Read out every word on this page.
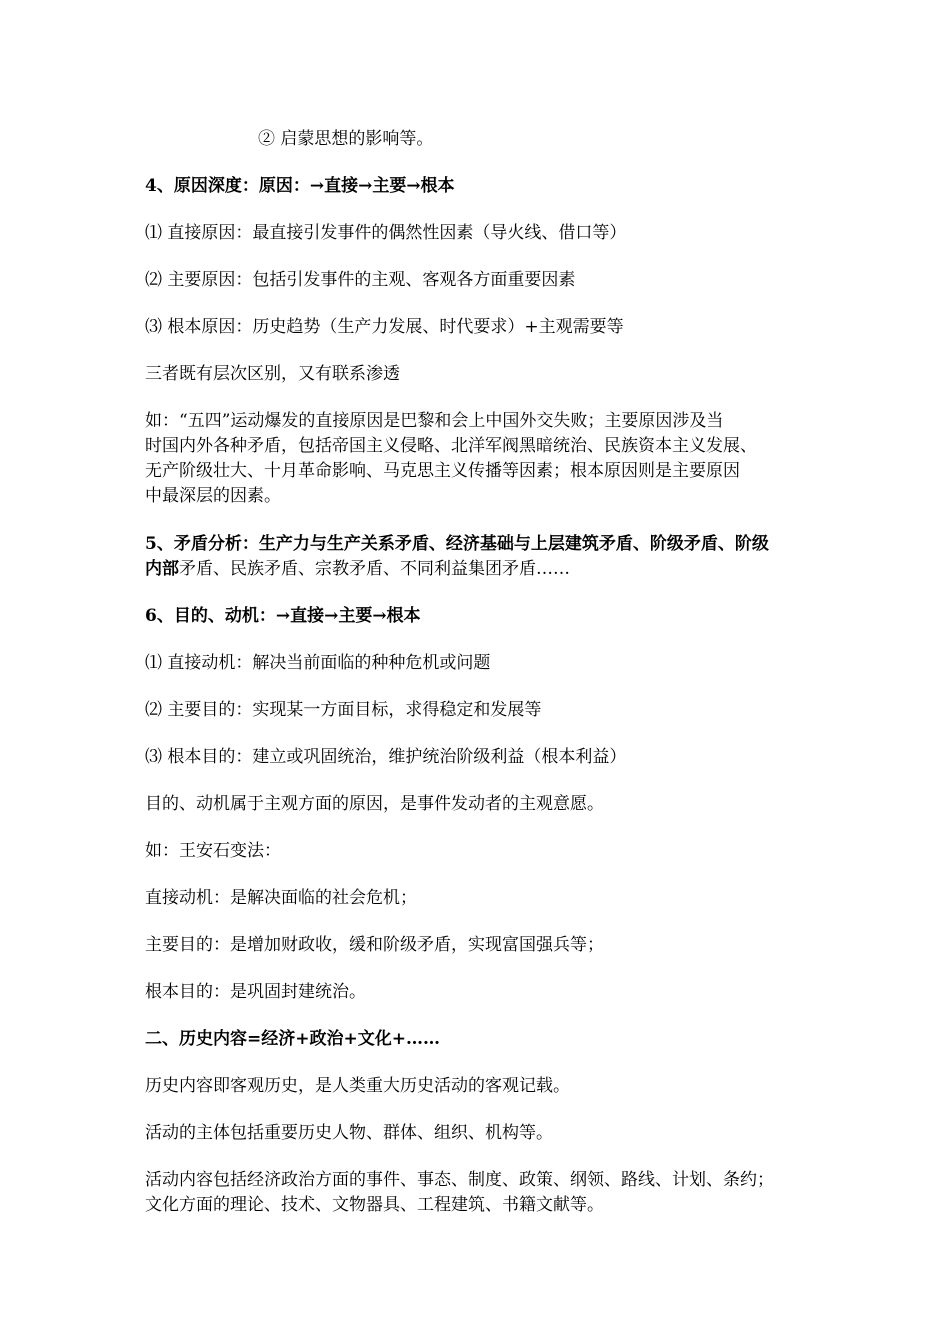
② 启蒙思想的影响等。
4、原因深度：原因：→直接→主要→根本
⑴ 直接原因：最直接引发事件的偶然性因素（导火线、借口等）
⑵ 主要原因：包括引发事件的主观、客观各方面重要因素
⑶ 根本原因：历史趋势（生产力发展、时代要求）+主观需要等
三者既有层次区别，又有联系渗透
如：“五四”运动爆发的直接原因是巴黎和会上中国外交失败；主要原因涉及当
时国内外各种矛盾，包括帝国主义侵略、北洋军阀黑暗统治、民族资本主义发展、
无产阶级壮大、十月革命影响、马克思主义传播等因素；根本原因则是主要原因
中最深层的因素。
5、矛盾分析：生产力与生产关系矛盾、经济基础与上层建筑矛盾、阶级矛盾、阶级
内部矛盾、民族矛盾、宗教矛盾、不同利益集团矛盾……
6、目的、动机：→直接→主要→根本
⑴ 直接动机：解决当前面临的种种危机或问题
⑵ 主要目的：实现某一方面目标，求得稳定和发展等
⑶ 根本目的：建立或巩固统治，维护统治阶级利益（根本利益）
目的、动机属于主观方面的原因，是事件发动者的主观意愿。
如：王安石变法：
直接动机：是解决面临的社会危机；
主要目的：是增加财政收，缓和阶级矛盾，实现富国强兵等；
根本目的：是巩固封建统治。
二、历史内容=经济+政治+文化+……
历史内容即客观历史，是人类重大历史活动的客观记载。
活动的主体包括重要历史人物、群体、组织、机构等。
活动内容包括经济政治方面的事件、事态、制度、政策、纲领、路线、计划、条约；
文化方面的理论、技术、文物器具、工程建筑、书籍文献等。
